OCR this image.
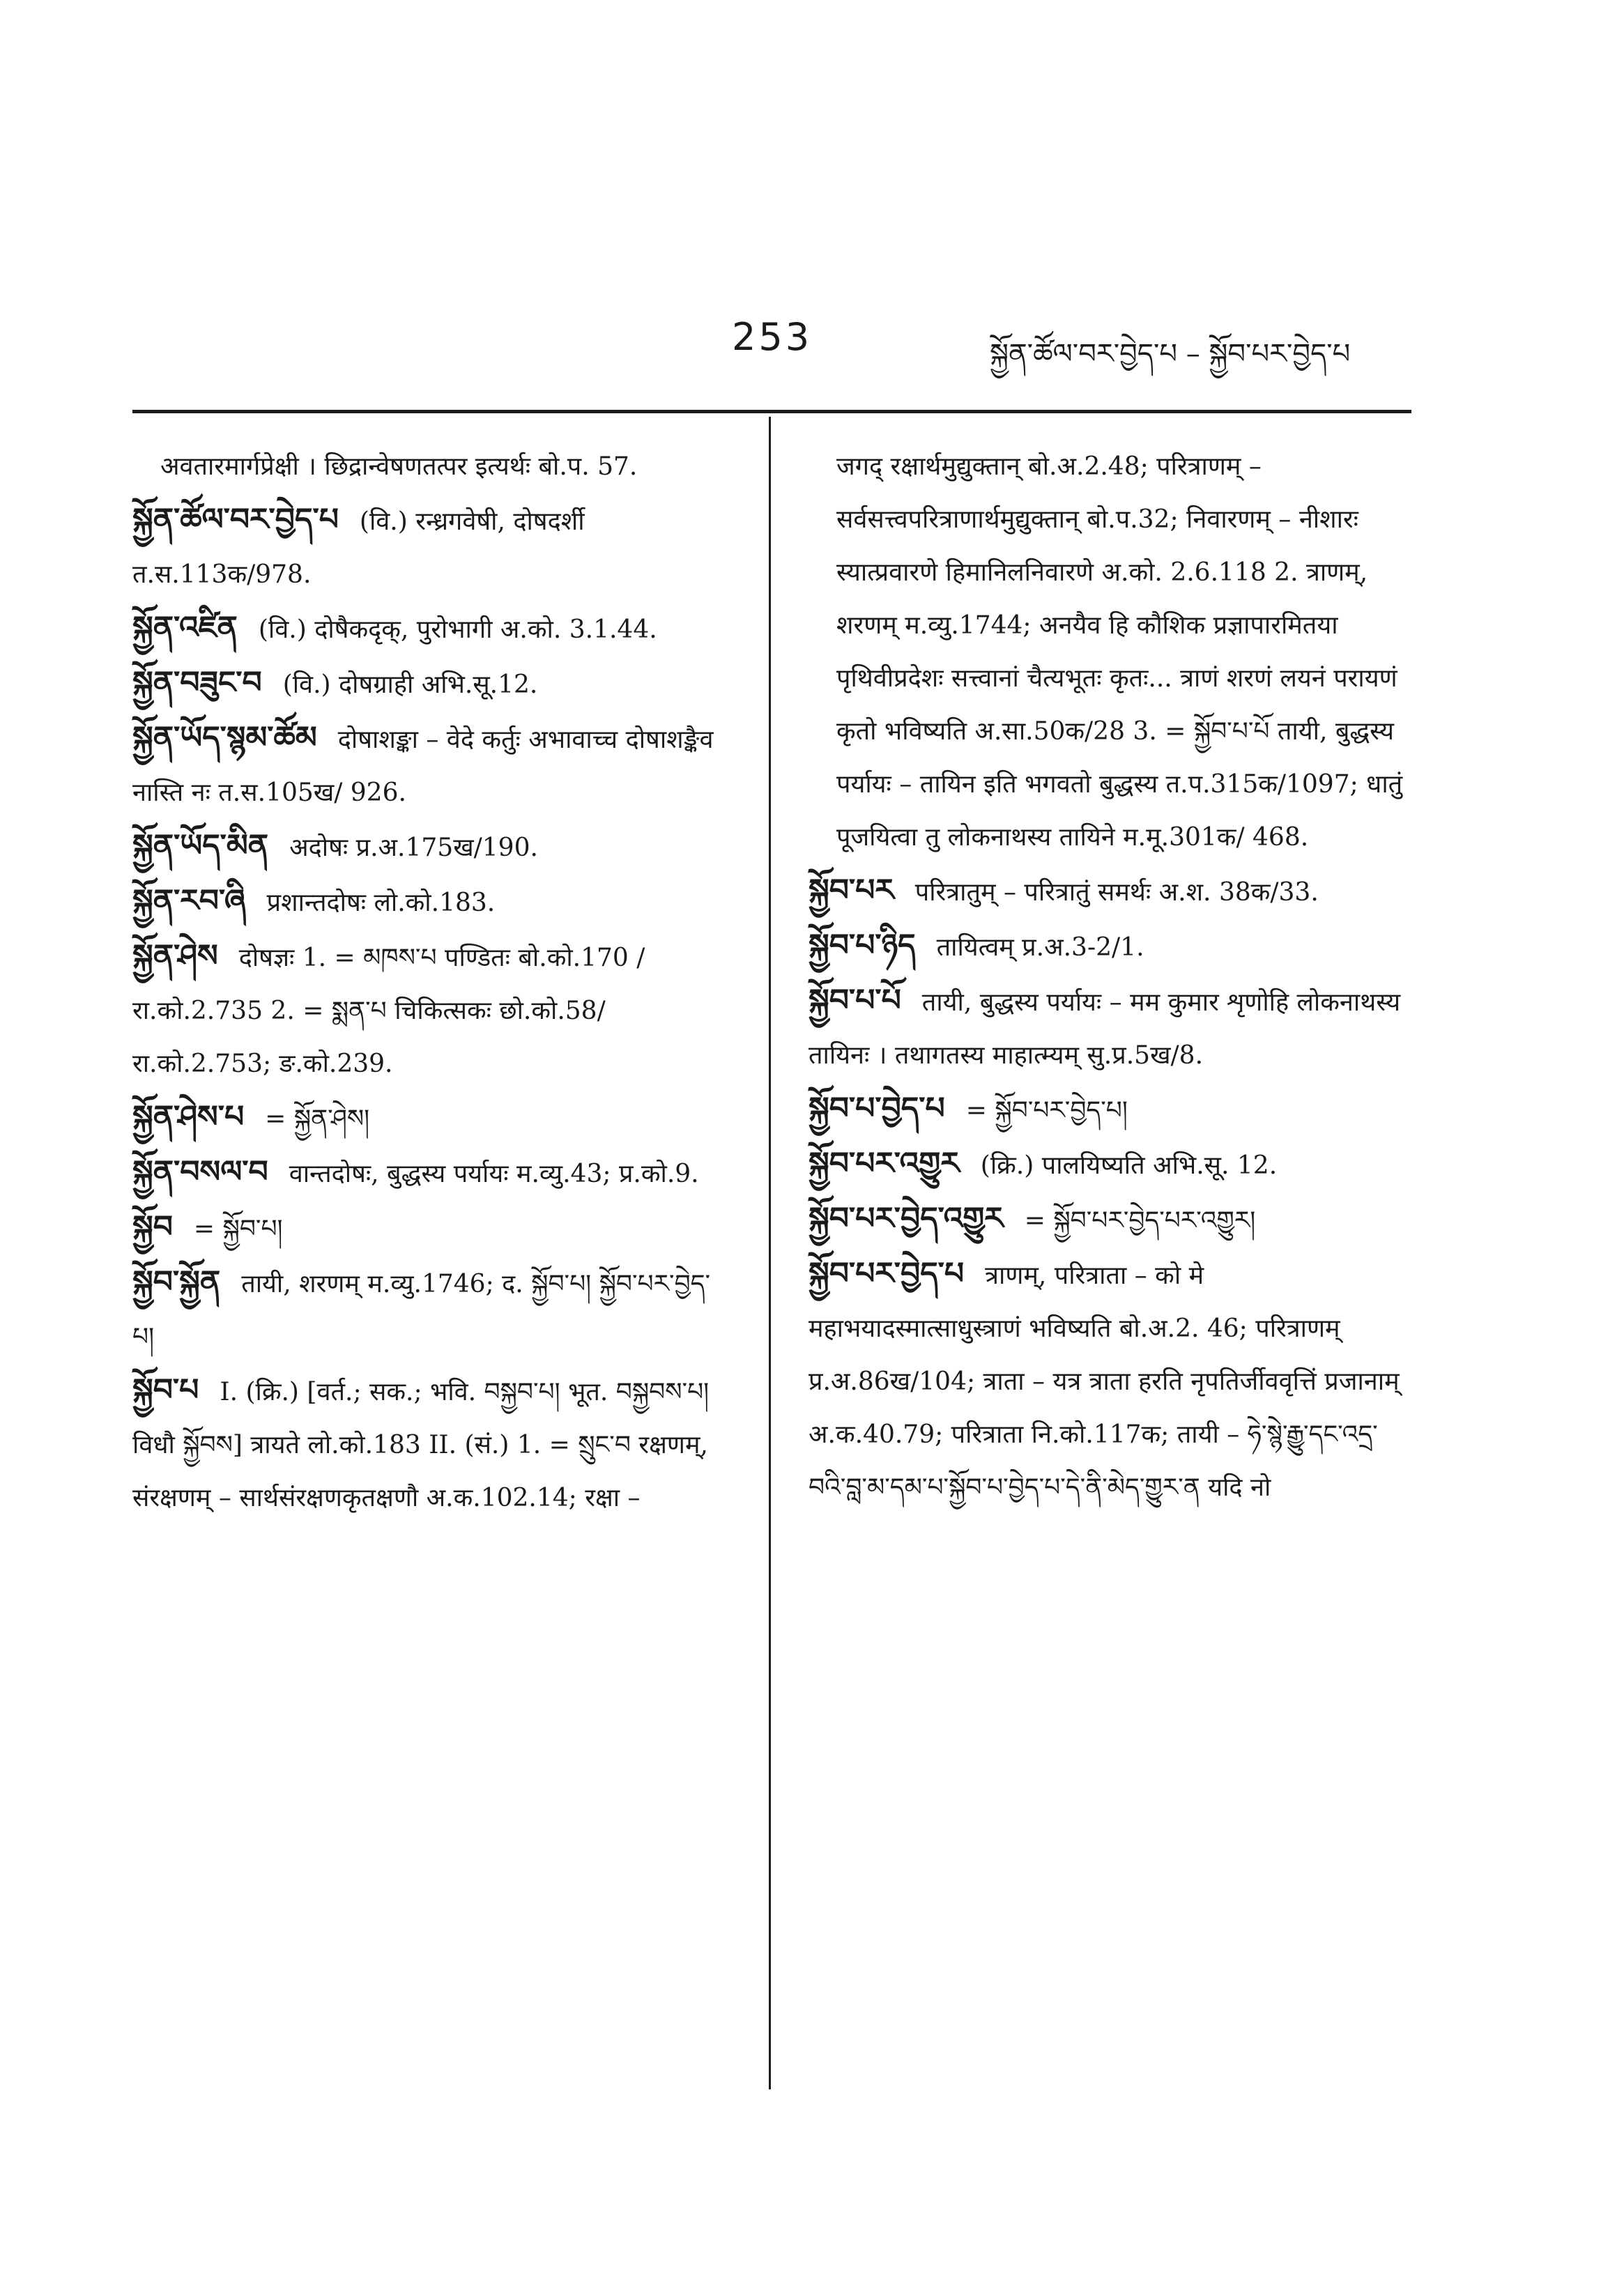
253	སྐྱོན་ཚོལ་བར་བྱེད་པ – སྐྱོབ་པར་བྱེད་པ

अवतारमार्गप्रेक्षी । छिद्रान्वेषणतत्पर इत्यर्थः बो.प. 57.

སྐྱོན་ཚོལ་བར་བྱེད་པ (वि.) रन्ध्रगवेषी, दोषदर्शी त.स.113क/978.

སྐྱོན་འཛིན (वि.) दोषैकदृक्, पुरोभागी अ.को. 3.1.44.

སྐྱོན་བཟུང་བ (वि.) दोषग्राही अभि.सू.12.

སྐྱོན་ཡོད་སྙམ་ཚོམ दोषाशङ्का – वेदे कर्तुः अभावाच्च दोषाशङ्कैव नास्ति नः त.स.105ख/ 926.

སྐྱོན་ཡོད་མིན अदोषः प्र.अ.175ख/190.

སྐྱོན་རབ་ཞི प्रशान्तदोषः लो.को.183.

སྐྱོན་ཤེས दोषज्ञः 1. = མཁས་པ पण्डितः बो.को.170 / रा.को.2.735 2. = སྨན་པ चिकित्सकः छो.को.58/रा.को.2.753; ङ.को.239.

སྐྱོན་ཤེས་པ = སྐྱོན་ཤེས།

སྐྱོན་བསལ་བ वान्तदोषः, बुद्धस्य पर्यायः म.व्यु.43; प्र.को.9.

སྐྱོབ = སྐྱོབ་པ།

སྐྱོབ་སྐྱོན तायी, शरणम् म.व्यु.1746; द. སྐྱོབ་པ། སྐྱོབ་པར་བྱེད་པ།

སྐྱོབ་པ I. (क्रि.) [वर्त.; सक.; भवि. བསྐྱབ་པ། भूत. བསྐྱབས་པ། विधौ སྐྱོབས] त्रायते लो.को.183 II. (सं.) 1. = སྲུང་བ रक्षणम्, संरक्षणम् – सार्थसंरक्षणकृतक्षणौ अ.क.102.14; रक्षा –

जगद् रक्षार्थमुद्युक्तान् बो.अ.2.48; परित्राणम् – सर्वसत्त्वपरित्राणार्थमुद्युक्तान् बो.प.32; निवारणम् – नीशारः स्यात्प्रवारणे हिमानिलनिवारणे अ.को. 2.6.118 2. त्राणम्, शरणम् म.व्यु.1744; अनयैव हि कौशिक प्रज्ञापारमितया पृथिवीप्रदेशः सत्त्वानां चैत्यभूतः कृतः... त्राणं शरणं लयनं परायणं कृतो भविष्यति अ.सा.50क/28 3. = སྐྱོབ་པ་པོ तायी, बुद्धस्य पर्यायः – तायिन इति भगवतो बुद्धस्य त.प.315क/1097; धातुं पूजयित्वा तु लोकनाथस्य तायिने म.मू.301क/ 468.

སྐྱོབ་པར परित्रातुम् – परित्रातुं समर्थः अ.श. 38क/33.

སྐྱོབ་པ་ཉིད तायित्वम् प्र.अ.3-2/1.

སྐྱོབ་པ་པོ तायी, बुद्धस्य पर्यायः – मम कुमार शृणोहि लोकनाथस्य तायिनः । तथागतस्य माहात्म्यम् सु.प्र.5ख/8.

སྐྱོབ་པ་བྱེད་པ = སྐྱོབ་པར་བྱེད་པ།

སྐྱོབ་པར་འགྱུར (क्रि.) पालयिष्यति अभि.सू. 12.

སྐྱོབ་པར་བྱེད་འགྱུར = སྐྱོབ་པར་བྱེད་པར་འགྱུར།

སྐྱོབ་པར་བྱེད་པ त्राणम्, परित्राता – को मे महाभयादस्मात्साधुस्त्राणं भविष्यति बो.अ.2. 46; परित्राणम् प्र.अ.86ख/104; त्राता – यत्र त्राता हरति नृपतिर्जीववृत्तिं प्रजानाम् अ.क.40.79; परित्राता नि.को.117क; तायी – ཧེ་སྙེ་རྒྱུ་དང་འདྲ་བའི་བླ་མ་དམ་པ་སྐྱོབ་པ་བྱེད་པ་དེ་ནི་མེད་གྱུར་ན यदि नो
